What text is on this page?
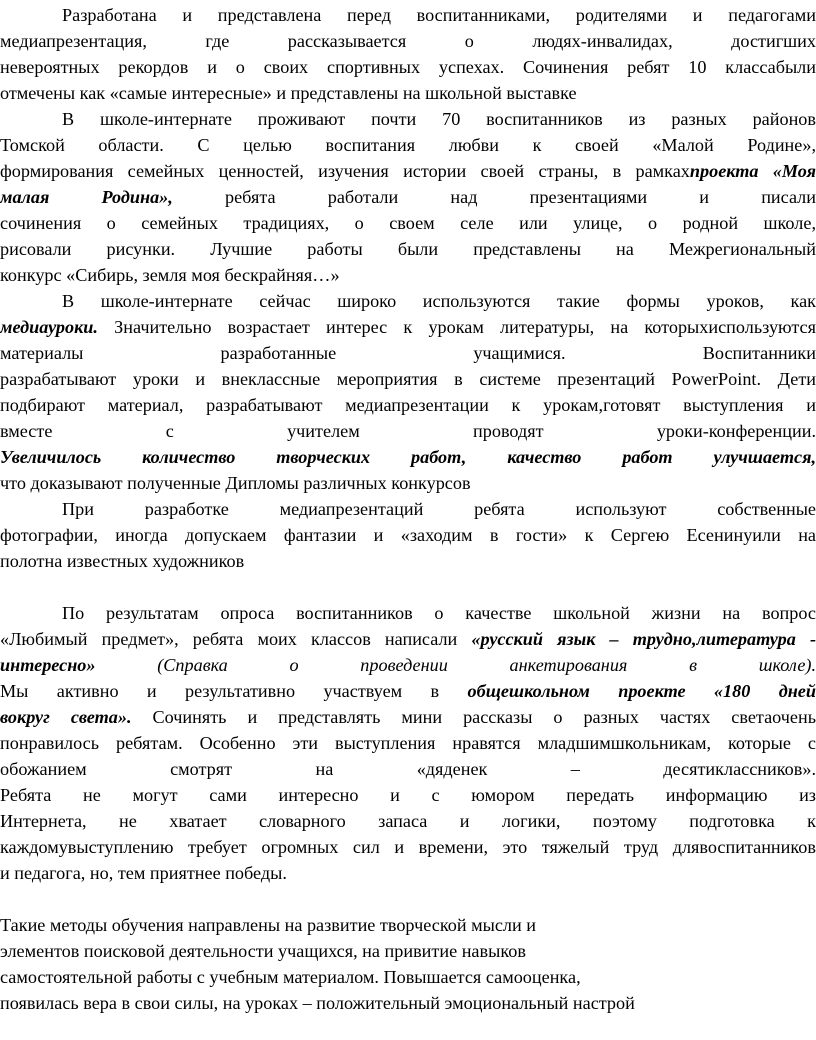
Разработана и представлена перед воспитанниками, родителями и педагогами
медиапрезентация, где рассказывается о людях-инвалидах, достигших
невероятных рекордов и о своих спортивных успехах. Сочинения ребят 10 классабыли
отмечены как «самые интересные» и представлены на школьной выставке
В школе-интернате проживают почти 70 воспитанников из разных районов
Томской области. С целью воспитания любви к своей «Малой Родине»,
формирования семейных ценностей, изучения истории своей страны, в рамкахпроекта «Моя
малая Родина», ребята работали над презентациями и писали
сочинения о семейных традициях, о своем селе или улице, о родной школе,
рисовали рисунки. Лучшие работы были представлены на Межрегиональный
конкурс «Сибирь, земля моя бескрайняя…»
В школе-интернате сейчас широко используются такие формы уроков, как
медиауроки. Значительно возрастает интерес к урокам литературы, на которыхиспользуются
материалы разработанные учащимися. Воспитанники
разрабатывают уроки и внеклассные мероприятия в системе презентаций PowerPoint. Дети
подбирают материал, разрабатывают медиапрезентации к урокам,готовят выступления и
вместе с учителем проводят уроки-конференции.
Увеличилось количество творческих работ, качество работ улучшается,
что доказывают полученные Дипломы различных конкурсов
При разработке медиапрезентаций ребята используют собственные
фотографии, иногда допускаем фантазии и «заходим в гости» к Сергею Есенинуили на
полотна известных художников
По результатам опроса воспитанников о качестве школьной жизни на вопрос
«Любимый предмет», ребята моих классов написали «русский язык – трудно,литература -
интересно»	(Справка о проведении анкетирования в школе).
Мы активно и результативно участвуем в общешкольном проекте «180 дней
вокруг света». Сочинять и представлять мини рассказы о разных частях светаочень
понравилось ребятам. Особенно эти выступления нравятся младшимшкольникам, которые с
обожанием смотрят на «дяденек – десятиклассников».
Ребята не могут сами интересно и с юмором передать информацию из
Интернета, не хватает словарного запаса и логики, поэтому подготовка к
каждомувыступлению требует огромных сил и времени, это тяжелый труд длявоспитанников
и педагога, но, тем приятнее победы.
Такие методы обучения направлены на развитие творческой мысли и
элементов поисковой деятельности учащихся, на привитие навыков
самостоятельной работы с учебным материалом. Повышается самооценка,
появилась вера в свои силы, на уроках – положительный эмоциональный настрой
